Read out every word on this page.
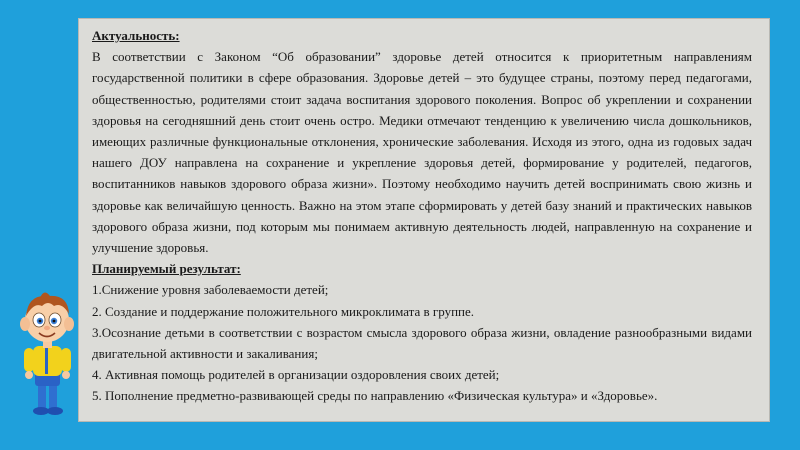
Актуальность:

В соответствии с Законом “Об образовании” здоровье детей относится к приоритетным направлениям государственной политики в сфере образования. Здоровье детей – это будущее страны, поэтому перед педагогами, общественностью, родителями стоит задача воспитания здорового поколения. Вопрос об укреплении и сохранении здоровья на сегодняшний день стоит очень остро. Медики отмечают тенденцию к увеличению числа дошкольников, имеющих различные функциональные отклонения, хронические заболевания. Исходя из этого, одна из годовых задач нашего ДОУ направлена на сохранение и укрепление здоровья детей, формирование у родителей, педагогов, воспитанников навыков здорового образа жизни». Поэтому необходимо научить детей воспринимать свою жизнь и здоровье как величайшую ценность. Важно на этом этапе сформировать у детей базу знаний и практических навыков здорового образа жизни, под которым мы понимаем активную деятельность людей, направленную на сохранение и улучшение здоровья.

Планируемый результат:
1.Снижение уровня заболеваемости детей;
2. Создание и поддержание положительного микроклимата в группе.
3.Осознание детьми в соответствии с возрастом смысла здорового образа жизни, овладение разнообразными видами двигательной активности и закаливания;
4. Активная помощь родителей в организации оздоровления своих детей;
5. Пополнение предметно-развивающей среды по направлению «Физическая культура» и «Здоровье».
